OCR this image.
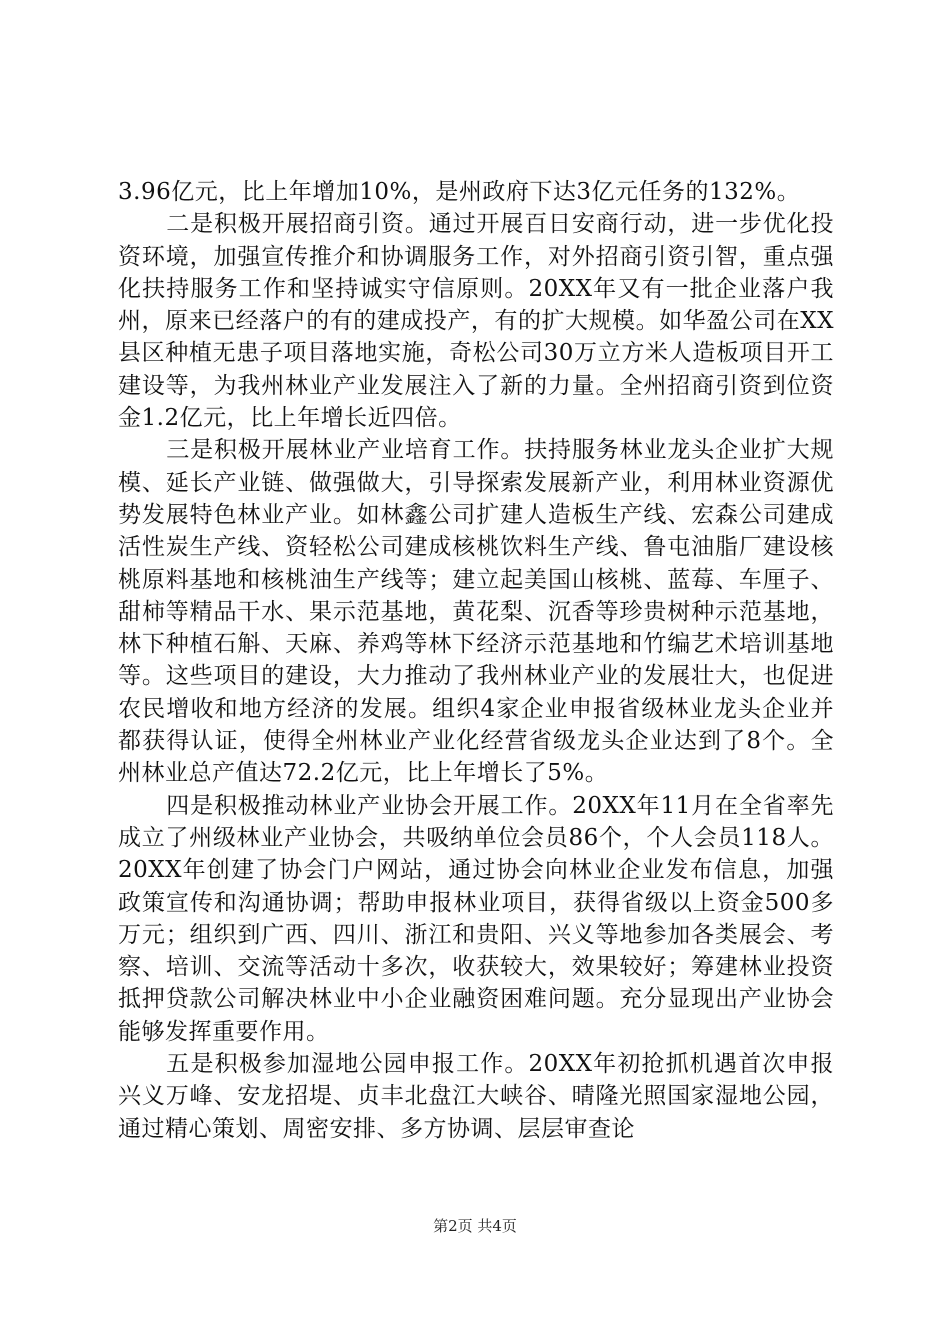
3.96亿元，比上年增加10%，是州政府下达3亿元任务的132%。

二是积极开展招商引资。通过开展百日安商行动，进一步优化投资环境，加强宣传推介和协调服务工作，对外招商引资引智，重点强化扶持服务工作和坚持诚实守信原则。20XX年又有一批企业落户我州，原来已经落户的有的建成投产，有的扩大规模。如华盈公司在XX县区种植无患子项目落地实施，奇松公司30万立方米人造板项目开工建设等，为我州林业产业发展注入了新的力量。全州招商引资到位资金1.2亿元，比上年增长近四倍。

三是积极开展林业产业培育工作。扶持服务林业龙头企业扩大规模、延长产业链、做强做大，引导探索发展新产业，利用林业资源优势发展特色林业产业。如林鑫公司扩建人造板生产线、宏森公司建成活性炭生产线、资轻松公司建成核桃饮料生产线、鲁屯油脂厂建设核桃原料基地和核桃油生产线等；建立起美国山核桃、蓝莓、车厘子、甜柿等精品干水、果示范基地，黄花梨、沉香等珍贵树种示范基地，林下种植石斛、天麻、养鸡等林下经济示范基地和竹编艺术培训基地等。这些项目的建设，大力推动了我州林业产业的发展壮大，也促进农民增收和地方经济的发展。组织4家企业申报省级林业龙头企业并都获得认证，使得全州林业产业化经营省级龙头企业达到了8个。全州林业总产值达72.2亿元，比上年增长了5%。

四是积极推动林业产业协会开展工作。20XX年11月在全省率先成立了州级林业产业协会，共吸纳单位会员86个，个人会员118人。20XX年创建了协会门户网站，通过协会向林业企业发布信息，加强政策宣传和沟通协调；帮助申报林业项目，获得省级以上资金500多万元；组织到广西、四川、浙江和贵阳、兴义等地参加各类展会、考察、培训、交流等活动十多次，收获较大，效果较好；筹建林业投资抵押贷款公司解决林业中小企业融资困难问题。充分显现出产业协会能够发挥重要作用。

五是积极参加湿地公园申报工作。20XX年初抢抓机遇首次申报兴义万峰、安龙招堤、贞丰北盘江大峡谷、晴隆光照国家湿地公园，通过精心策划、周密安排、多方协调、层层审查论

第2页 共4页
